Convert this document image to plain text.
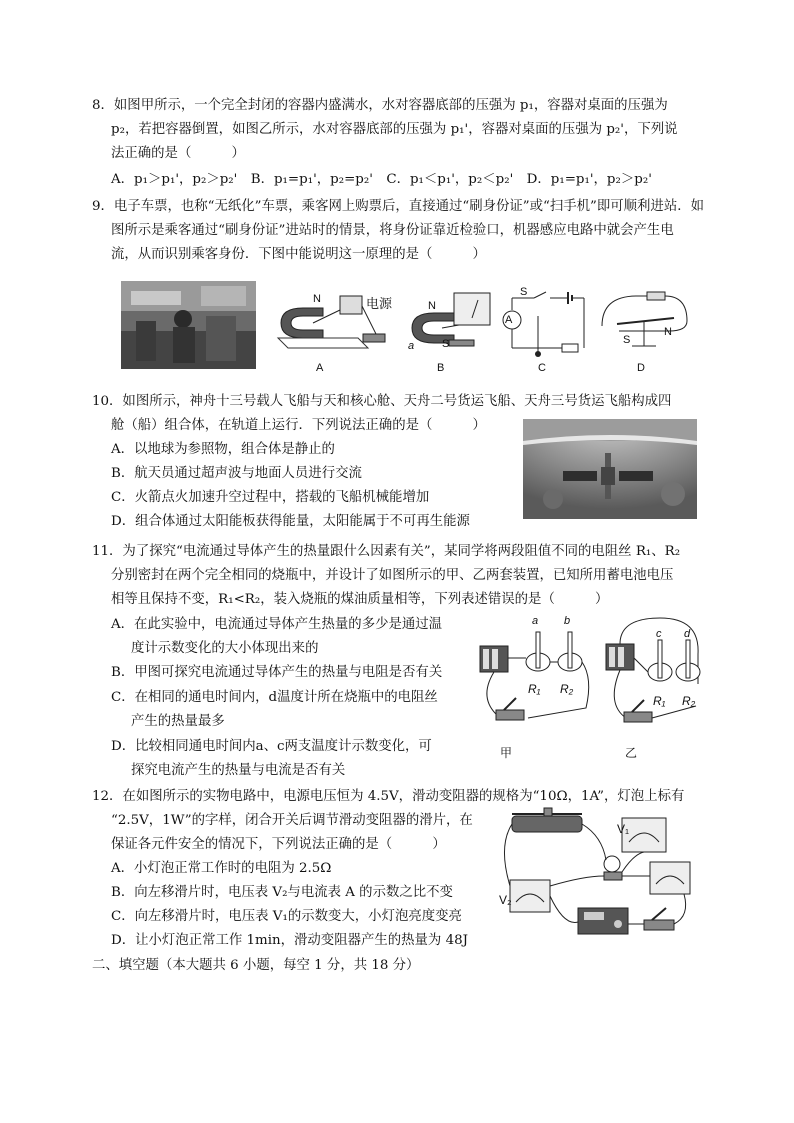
8．如图甲所示，一个完全封闭的容器内盛满水，水对容器底部的压强为 p₁，容器对桌面的压强为
p₂，若把容器倒置，如图乙所示，水对容器底部的压强为 p₁'，容器对桌面的压强为 p₂'，下列说
法正确的是（　　　）
A．p₁＞p₁'，p₂＞p₂'　B．p₁=p₁'，p₂=p₂'　C．p₁＜p₁'，p₂＜p₂'　D．p₁=p₁'，p₂＞p₂'
9．电子车票，也称“无纸化”车票，乘客网上购票后，直接通过“刷身份证”或“扫手机”即可顺利进站．如
图所示是乘客通过“刷身份证”进站时的情景，将身份证靠近检验口，机器感应电路中就会产生电
流，从而识别乘客身份．下图中能说明这一原理的是（　　　）
N	电源
A
N
a	S
B
A
S
C
S
N
D
10．如图所示，神舟十三号载人飞船与天和核心舱、天舟二号货运飞船、天舟三号货运飞船构成四
舱（船）组合体，在轨道上运行．下列说法正确的是（　　　）
A．以地球为参照物，组合体是静止的
B．航天员通过超声波与地面人员进行交流
C．火箭点火加速升空过程中，搭载的飞船机械能增加
D．组合体通过太阳能板获得能量，太阳能属于不可再生能源
11．为了探究“电流通过导体产生的热量跟什么因素有关”，某同学将两段阻值不同的电阻丝 R₁、R₂
分别密封在两个完全相同的烧瓶中，并设计了如图所示的甲、乙两套装置，已知所用蓄电池电压
相等且保持不变，R₁<R₂，装入烧瓶的煤油质量相等，下列表述错误的是（　　　）
A．在此实验中，电流通过导体产生热量的多少是通过温
度计示数变化的大小体现出来的
B．甲图可探究电流通过导体产生的热量与电阻是否有关
C．在相同的通电时间内，d温度计所在烧瓶中的电阻丝
产生的热量最多
D．比较相同通电时间内a、c两支温度计示数变化，可
探究电流产生的热量与电流是否有关
a b
R₁ R₂
甲
c d
R₁ R₂
乙
12．在如图所示的实物电路中，电源电压恒为 4.5V，滑动变阻器的规格为“10Ω，1A”，灯泡上标有
“2.5V，1W”的字样，闭合开关后调节滑动变阻器的滑片，在
保证各元件安全的情况下，下列说法正确的是（　　　）
A．小灯泡正常工作时的电阻为 2.5Ω
B．向左移滑片时，电压表 V₂与电流表 A 的示数之比不变
C．向左移滑片时，电压表 V₁的示数变大，小灯泡亮度变亮
D．让小灯泡正常工作 1min，滑动变阻器产生的热量为 48J
V₁
V₂
二、填空题（本大题共 6 小题，每空 1 分，共 18 分）
